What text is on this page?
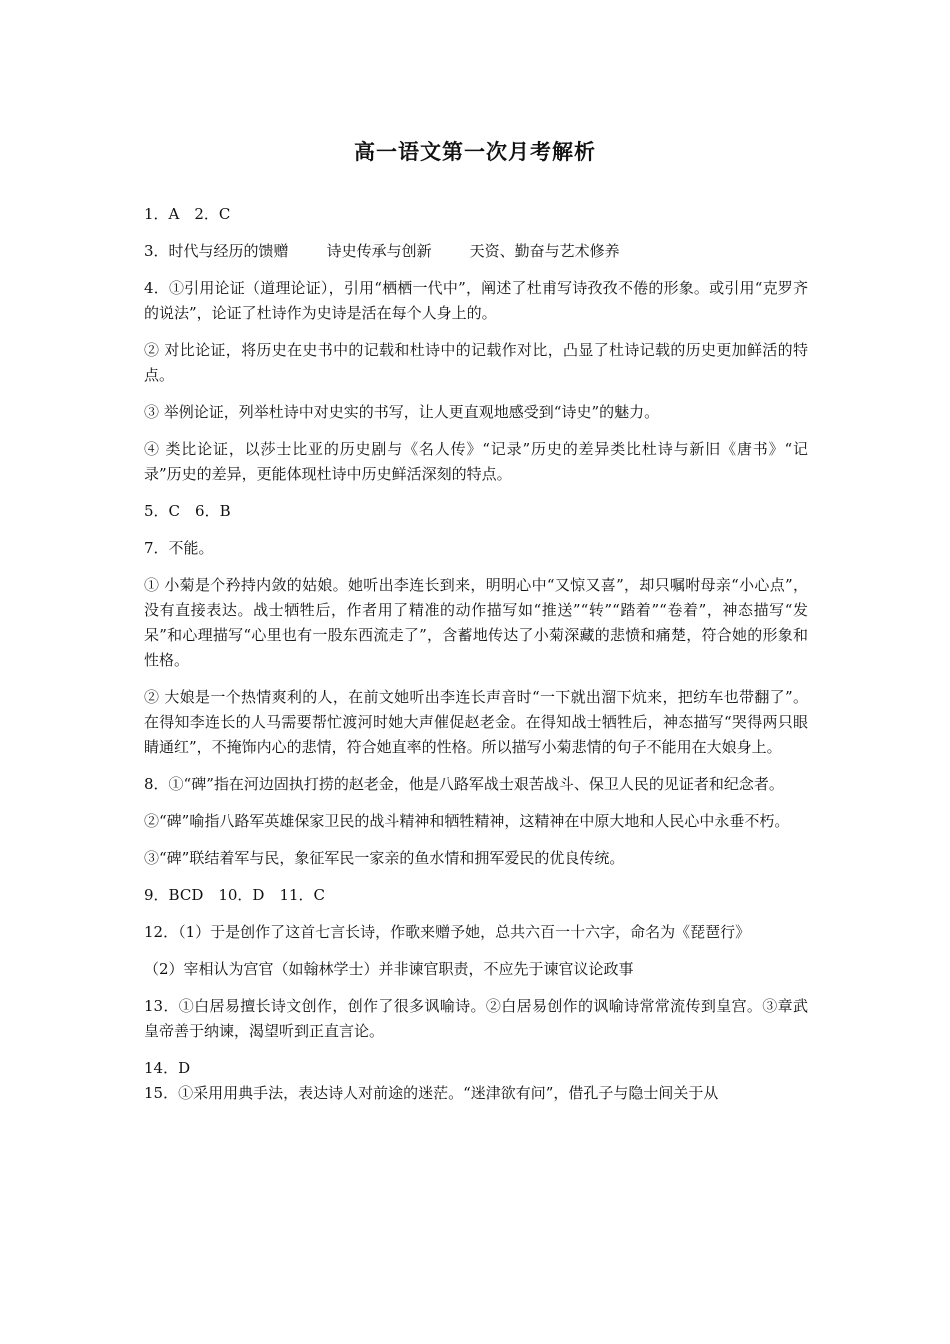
高一语文第一次月考解析

1．A　2．C

3．时代与经历的馈赠	诗史传承与创新	天资、勤奋与艺术修养

4．①引用论证（道理论证），引用“栖栖一代中”，阐述了杜甫写诗孜孜不倦的形象。或引用“克罗齐的说法”，论证了杜诗作为史诗是活在每个人身上的。

② 对比论证，将历史在史书中的记载和杜诗中的记载作对比，凸显了杜诗记载的历史更加鲜活的特点。

③ 举例论证，列举杜诗中对史实的书写，让人更直观地感受到“诗史”的魅力。

④ 类比论证，以莎士比亚的历史剧与《名人传》“记录”历史的差异类比杜诗与新旧《唐书》“记录”历史的差异，更能体现杜诗中历史鲜活深刻的特点。

5．C　6．B

7．不能。

① 小菊是个矜持内敛的姑娘。她听出李连长到来，明明心中“又惊又喜”，却只嘱咐母亲“小心点”，没有直接表达。战士牺牲后，作者用了精准的动作描写如“推送”“转”“踏着”“卷着”，神态描写“发呆”和心理描写“心里也有一股东西流走了”，含蓄地传达了小菊深藏的悲愤和痛楚，符合她的形象和性格。

② 大娘是一个热情爽利的人，在前文她听出李连长声音时“一下就出溜下炕来，把纺车也带翻了”。在得知李连长的人马需要帮忙渡河时她大声催促赵老金。在得知战士牺牲后，神态描写“哭得两只眼睛通红”，不掩饰内心的悲情，符合她直率的性格。所以描写小菊悲情的句子不能用在大娘身上。

8．①“碑”指在河边固执打捞的赵老金，他是八路军战士艰苦战斗、保卫人民的见证者和纪念者。

②“碑”喻指八路军英雄保家卫民的战斗精神和牺牲精神，这精神在中原大地和人民心中永垂不朽。

③“碑”联结着军与民，象征军民一家亲的鱼水情和拥军爱民的优良传统。

9．BCD　10．D　11．C

12．（1）于是创作了这首七言长诗，作歌来赠予她，总共六百一十六字，命名为《琵琶行》

（2）宰相认为宫官（如翰林学士）并非谏官职责，不应先于谏官议论政事

13．①白居易擅长诗文创作，创作了很多讽喻诗。②白居易创作的讽喻诗常常流传到皇宫。③章武皇帝善于纳谏，渴望听到正直言论。

14．D

15．①采用用典手法，表达诗人对前途的迷茫。“迷津欲有问”，借孔子与隐士间关于从
